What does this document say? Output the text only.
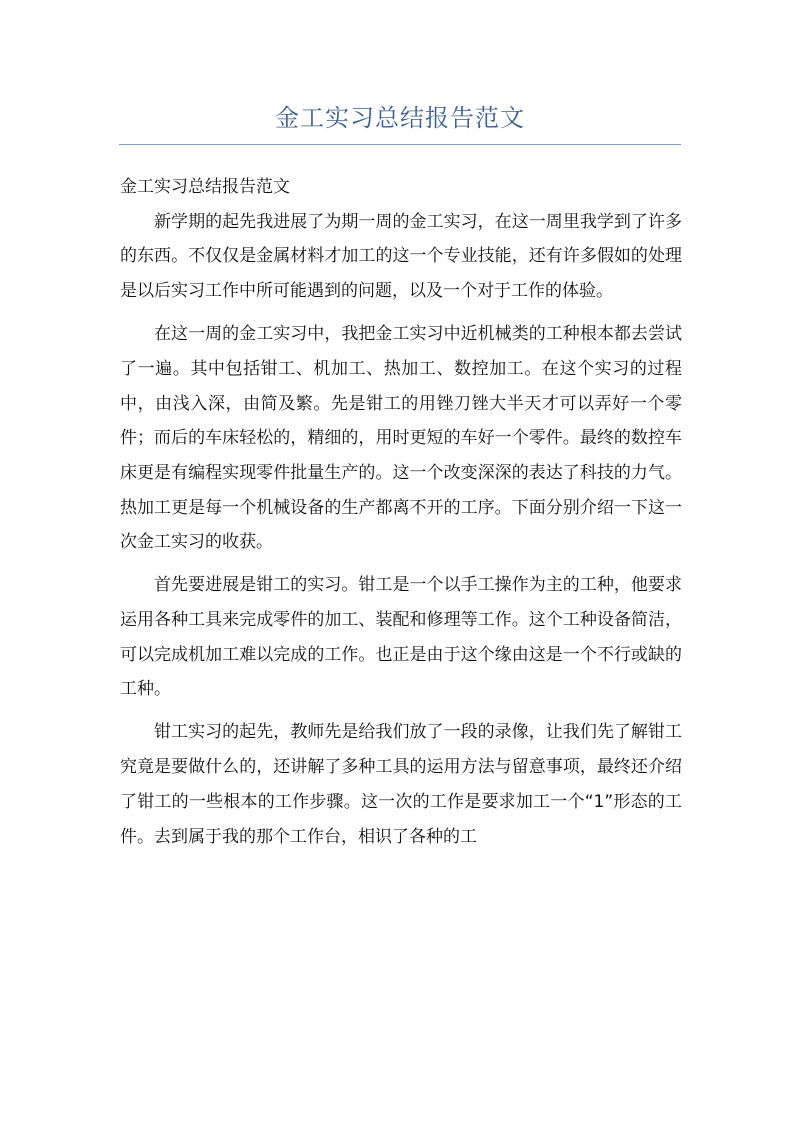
金工实习总结报告范文

金工实习总结报告范文

新学期的起先我进展了为期一周的金工实习，在这一周里我学到了许多的东西。不仅仅是金属材料才加工的这一个专业技能，还有许多假如的处理是以后实习工作中所可能遇到的问题，以及一个对于工作的体验。

在这一周的金工实习中，我把金工实习中近机械类的工种根本都去尝试了一遍。其中包括钳工、机加工、热加工、数控加工。在这个实习的过程中，由浅入深，由简及繁。先是钳工的用锉刀锉大半天才可以弄好一个零件；而后的车床轻松的，精细的，用时更短的车好一个零件。最终的数控车床更是有编程实现零件批量生产的。这一个改变深深的表达了科技的力气。热加工更是每一个机械设备的生产都离不开的工序。下面分别介绍一下这一次金工实习的收获。

首先要进展是钳工的实习。钳工是一个以手工操作为主的工种，他要求运用各种工具来完成零件的加工、装配和修理等工作。这个工种设备简洁，可以完成机加工难以完成的工作。也正是由于这个缘由这是一个不行或缺的工种。

钳工实习的起先，教师先是给我们放了一段的录像，让我们先了解钳工究竟是要做什么的，还讲解了多种工具的运用方法与留意事项，最终还介绍了钳工的一些根本的工作步骤。这一次的工作是要求加工一个“1”形态的工件。去到属于我的那个工作台，相识了各种的工
